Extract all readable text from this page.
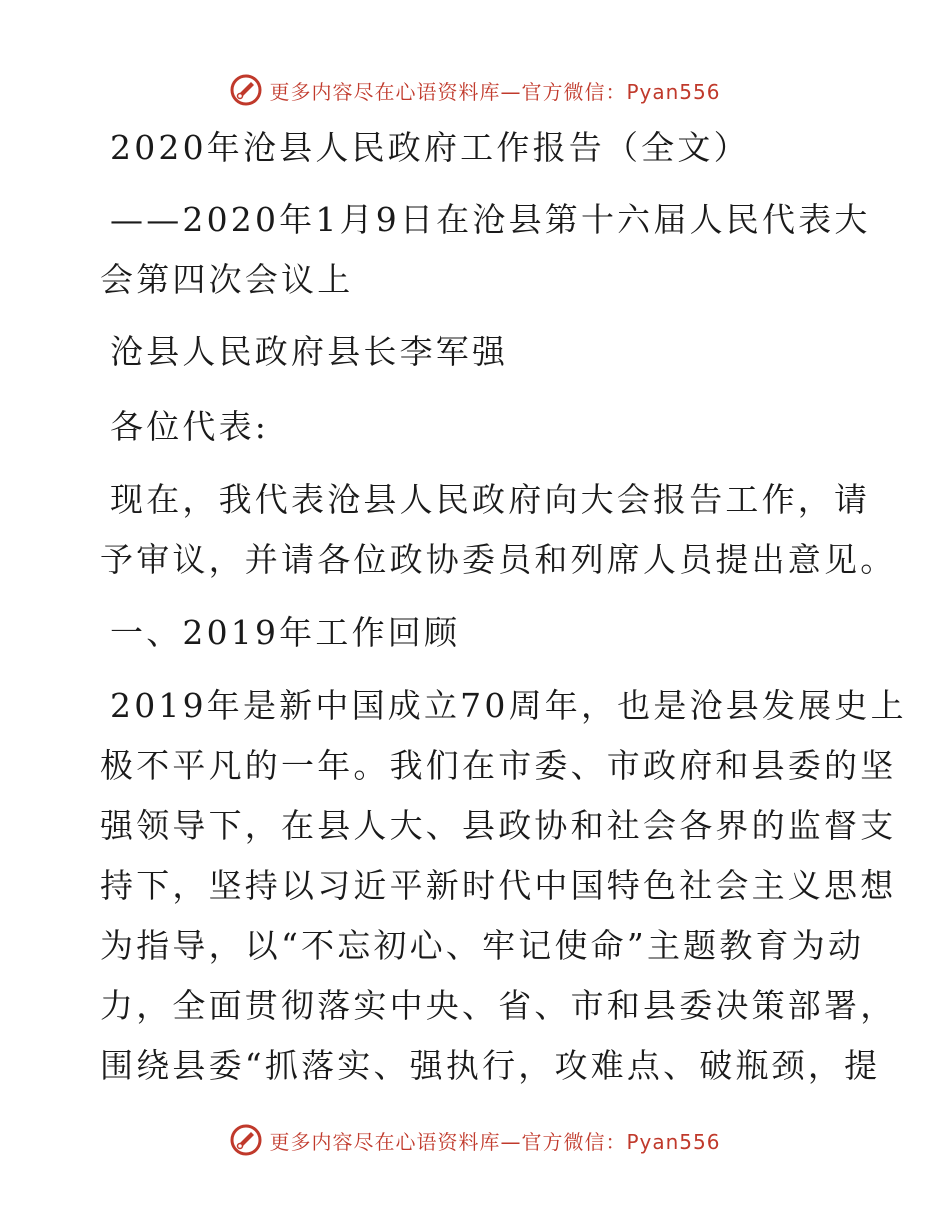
更多内容尽在心语资料库—官方微信：Pyan556
2020年沧县人民政府工作报告（全文）
——2020年1月9日在沧县第十六届人民代表大
会第四次会议上
沧县人民政府县长李军强
各位代表:
现在，我代表沧县人民政府向大会报告工作，请
予审议，并请各位政协委员和列席人员提出意见。
一、2019年工作回顾
2019年是新中国成立70周年，也是沧县发展史上
极不平凡的一年。我们在市委、市政府和县委的坚
强领导下，在县人大、县政协和社会各界的监督支
持下，坚持以习近平新时代中国特色社会主义思想
为指导，以“不忘初心、牢记使命”主题教育为动
力，全面贯彻落实中央、省、市和县委决策部署，
围绕县委“抓落实、强执行，攻难点、破瓶颈，提
更多内容尽在心语资料库—官方微信：Pyan556
